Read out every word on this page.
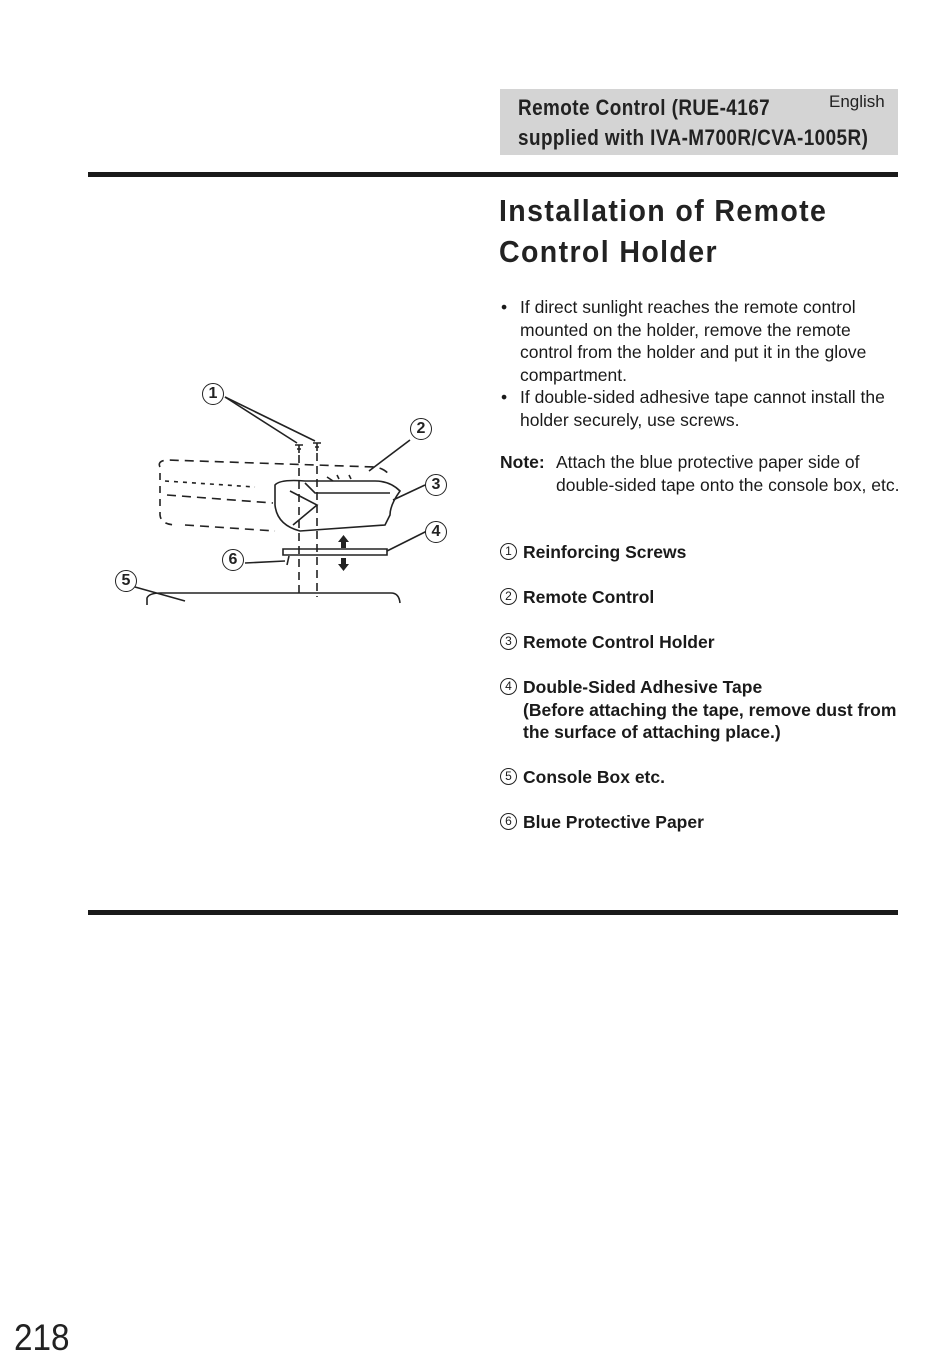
Remote Control (RUE-4167
supplied with IVA-M700R/CVA-1005R)
English
Installation of Remote
Control Holder
• If direct sunlight reaches the remote control mounted on the holder, remove the remote control from the holder and put it in the glove compartment.
• If double-sided adhesive tape cannot install the holder securely, use screws.
Note: Attach the blue protective paper side of double-sided tape onto the console box, etc.
1 Reinforcing Screws
2 Remote Control
3 Remote Control Holder
4 Double-Sided Adhesive Tape
(Before attaching the tape, remove dust from the surface of attaching place.)
5 Console Box etc.
6 Blue Protective Paper
1
2
3
4
5
6
218
